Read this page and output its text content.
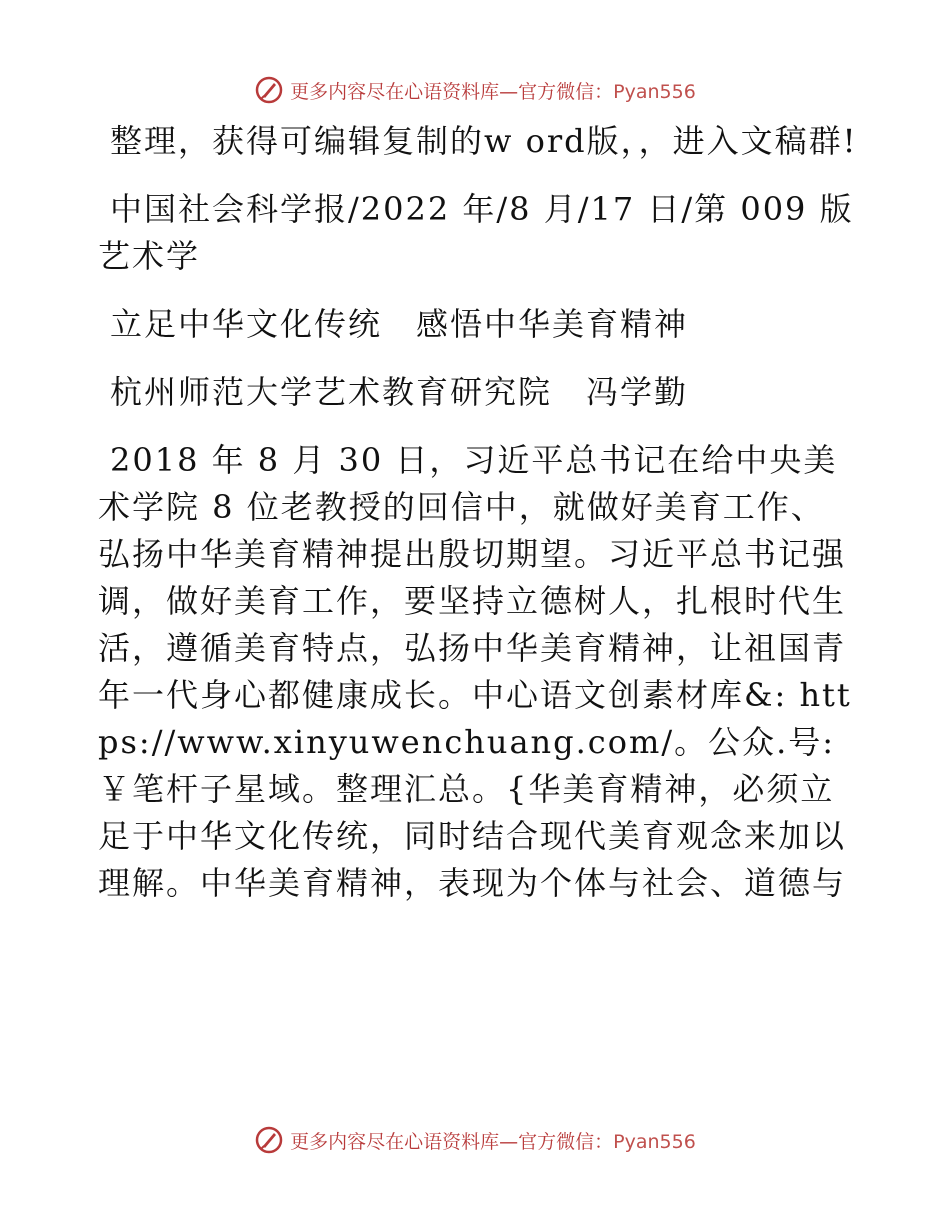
更多内容尽在心语资料库—官方微信：Pyan556

整理，获得可编辑复制的w ord版，，进入文稿群!

中国社会科学报/2022 年/8 月/17 日/第 009 版艺术学

立足中华文化传统　感悟中华美育精神

杭州师范大学艺术教育研究院　冯学勤

2018 年 8 月 30 日，习近平总书记在给中央美术学院 8 位老教授的回信中，就做好美育工作、弘扬中华美育精神提出殷切期望。习近平总书记强调，做好美育工作，要坚持立德树人，扎根时代生活，遵循美育特点，弘扬中华美育精神，让祖国青年一代身心都健康成长。中心语文创素材库&: https://www.xinyuwenchuang.com/。公众.号: ￥笔杆子星域。整理汇总。{华美育精神，必须立足于中华文化传统，同时结合现代美育观念来加以理解。中华美育精神，表现为个体与社会、道德与

更多内容尽在心语资料库—官方微信：Pyan556
